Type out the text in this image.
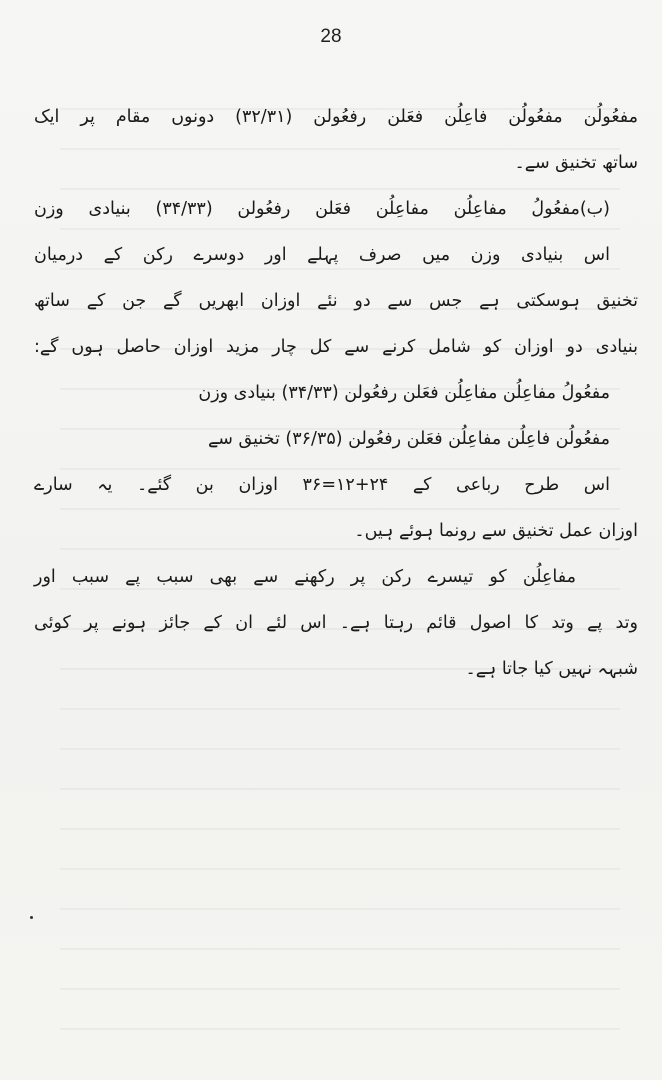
28
مفعُولُن مفعُولُن فاعِلُن فعَلن رفعُولن (۳۲/۳۱) دونوں مقام پر ایک
ساتھ تخنیق سے۔
(ب)مفعُولُ مفاعِلُن مفاعِلُن فعَلن رفعُولن (۳۴/۳۳) بنیادی وزن
اس بنیادی وزن میں صرف پہلے اور دوسرے رکن کے درمیان
تخنیق ہوسکتی ہے جس سے دو نئے اوزان ابھریں گے جن کے ساتھ
بنیادی دو اوزان کو شامل کرنے سے کل چار مزید اوزان حاصل ہوں گے:
مفعُولُ مفاعِلُن مفاعِلُن فعَلن رفعُولن (۳۴/۳۳) بنیادی وزن
مفعُولُن فاعِلُن مفاعِلُن فعَلن رفعُولن (۳۶/۳۵) تخنیق سے
اس طرح رباعی کے ۲۴+۱۲=۳۶ اوزان بن گئے۔ یہ سارے
اوزان عمل تخنیق سے رونما ہوئے ہیں۔
مفاعِلُن کو تیسرے رکن پر رکھنے سے بھی سبب پے سبب اور
وتد پے وتد کا اصول قائم رہتا ہے۔ اس لئے ان کے جائز ہونے پر کوئی
شبہہ نہیں کیا جاتا ہے۔
